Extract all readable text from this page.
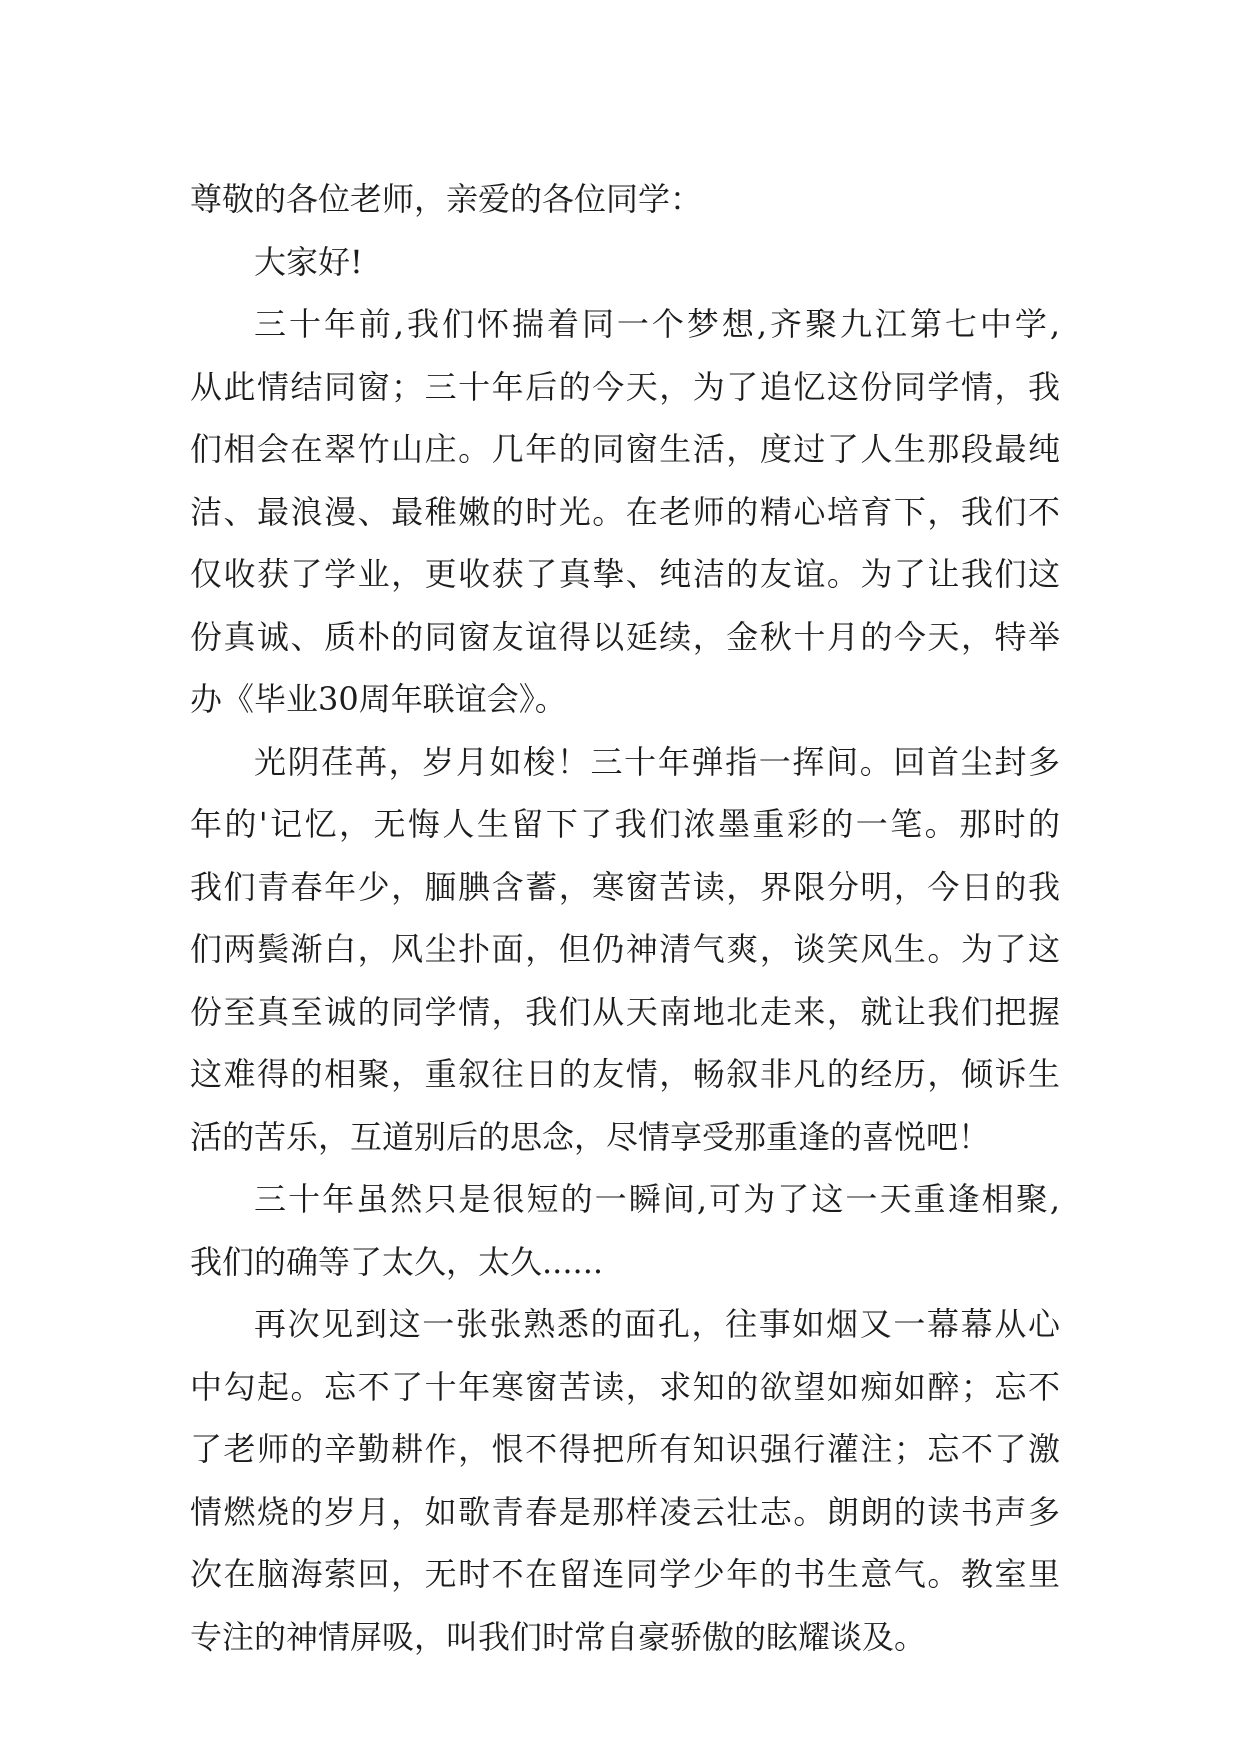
尊敬的各位老师，亲爱的各位同学：
大家好!
三十年前,我们怀揣着同一个梦想,齐聚九江第七中学,
从此情结同窗；三十年后的今天，为了追忆这份同学情，我
们相会在翠竹山庄。几年的同窗生活，度过了人生那段最纯
洁、最浪漫、最稚嫩的时光。在老师的精心培育下，我们不
仅收获了学业，更收获了真挚、纯洁的友谊。为了让我们这
份真诚、质朴的同窗友谊得以延续，金秋十月的今天，特举
办《毕业30周年联谊会》。
光阴荏苒，岁月如梭！三十年弹指一挥间。回首尘封多
年的'记忆，无悔人生留下了我们浓墨重彩的一笔。那时的
我们青春年少，腼腆含蓄，寒窗苦读，界限分明，今日的我
们两鬓渐白，风尘扑面，但仍神清气爽，谈笑风生。为了这
份至真至诚的同学情，我们从天南地北走来，就让我们把握
这难得的相聚，重叙往日的友情，畅叙非凡的经历，倾诉生
活的苦乐，互道别后的思念，尽情享受那重逢的喜悦吧！
三十年虽然只是很短的一瞬间,可为了这一天重逢相聚,
我们的确等了太久，太久......
再次见到这一张张熟悉的面孔，往事如烟又一幕幕从心
中勾起。忘不了十年寒窗苦读，求知的欲望如痴如醉；忘不
了老师的辛勤耕作，恨不得把所有知识强行灌注；忘不了激
情燃烧的岁月，如歌青春是那样凌云壮志。朗朗的读书声多
次在脑海萦回，无时不在留连同学少年的书生意气。教室里
专注的神情屏吸，叫我们时常自豪骄傲的眩耀谈及。
